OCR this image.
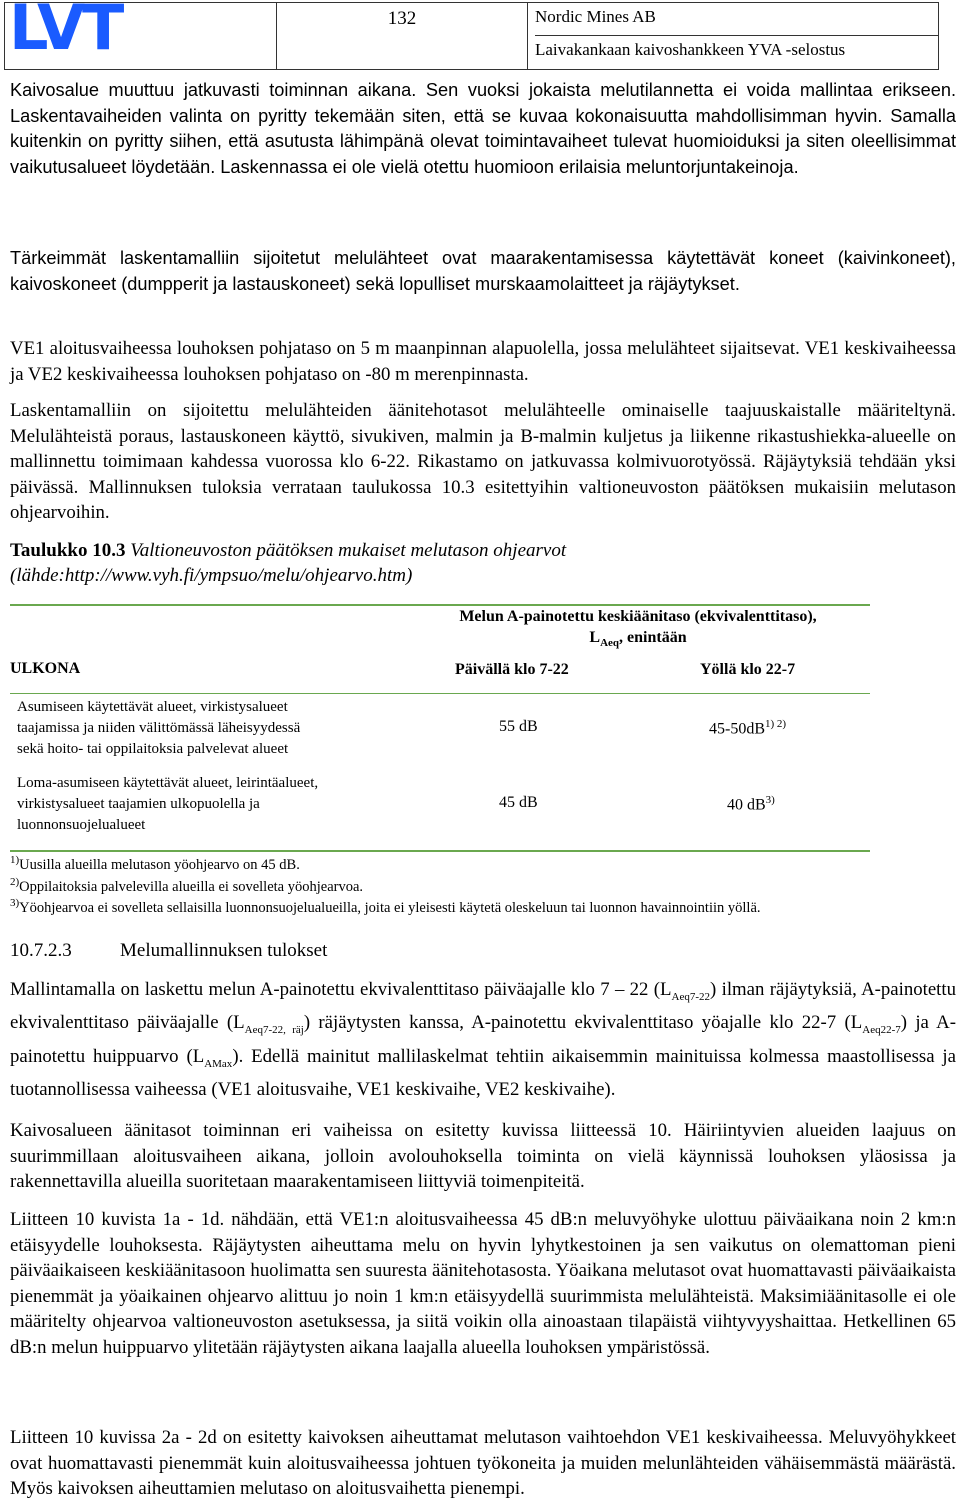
LVT	132	Nordic Mines AB
Laivakankaan kaivoshankkeen YVA -selostus

Kaivosalue muuttuu jatkuvasti toiminnan aikana. Sen vuoksi jokaista melutilannetta ei voida mallintaa erikseen. Laskentavaiheiden valinta on pyritty tekemään siten, että se kuvaa kokonaisuutta mahdollisimman hyvin. Samalla kuitenkin on pyritty siihen, että asutusta lähimpänä olevat toimintavaiheet tulevat huomioiduksi ja siten oleellisimmat vaikutusalueet löydetään. Laskennassa ei ole vielä otettu huomioon erilaisia meluntorjuntakeinoja.

Tärkeimmät laskentamalliin sijoitetut melulähteet ovat maarakentamisessa käytettävät koneet (kaivinkoneet), kaivoskoneet (dumpperit ja lastauskoneet) sekä lopulliset murskaamolaitteet ja räjäytykset.

VE1 aloitusvaiheessa louhoksen pohjataso on 5 m maanpinnan alapuolella, jossa melulähteet sijaitsevat. VE1 keskivaiheessa ja VE2 keskivaiheessa louhoksen pohjataso on -80 m merenpinnasta.

Laskentamalliin on sijoitettu melulähteiden äänitehotasot melulähteelle ominaiselle taajuuskaistalle määriteltynä. Melulähteistä poraus, lastauskoneen käyttö, sivukiven, malmin ja B-malmin kuljetus ja liikenne rikastushiekka-alueelle on mallinnettu toimimaan kahdessa vuorossa klo 6-22. Rikastamo on jatkuvassa kolmivuorotyössä. Räjäytyksiä tehdään yksi päivässä. Mallinnuksen tuloksia verrataan taulukossa 10.3 esitettyihin valtioneuvoston päätöksen mukaisiin melutason ohjearvoihin.

Taulukko 10.3 Valtioneuvoston päätöksen mukaiset melutason ohjearvot
(lähde:http://www.vyh.fi/ympsuo/melu/ohjearvo.htm)
Melun A-painotettu keskiäänitaso (ekvivalenttitaso),
$L_{Aeq}$, enintään
ULKONA	Päivällä klo 7-22	Yöllä klo 22-7
Asumiseen käytettävät alueet, virkistysalueet
taajamissa ja niiden välittömässä läheisyydessä
sekä hoito- tai oppilaitoksia palvelevat alueet
55 dB	$45-50dB^{1) 2)}$
Loma-asumiseen käytettävät alueet, leirintäalueet,
virkistysalueet taajamien ulkopuolella ja
luonnonsuojelualueet
45 dB	40 $dB^{3)}$
$^{1)}$Uusilla alueilla melutason yöohjearvo on 45 dB.
$^{2)}$Oppilaitoksia palvelevilla alueilla ei sovelleta yöohjearvoa.
$^{3)}$Yöohjearvoa ei sovelleta sellaisilla luonnonsuojelualueilla, joita ei yleisesti käytetä oleskeluun tai luonnon havainnointiin yöllä.
10.7.2.3	Melumallinnuksen tulokset

Mallintamalla on laskettu melun A-painotettu ekvivalenttitaso päiväajalle klo 7 – 22 $(L_{Aeq7-22})$ ilman räjäytyksiä, A-painotettu ekvivalenttitaso päiväajalle $(L_{Aeq7-22, räj})$ räjäytysten kanssa, A-painotettu ekvivalenttitaso yöajalle klo 22-7 $(L_{Aeq22-7})$ ja A-painotettu huippuarvo $(L_{AMax})$. Edellä mainitut mallilaskelmat tehtiin aikaisemmin mainituissa kolmessa maastollisessa ja tuotannollisessa vaiheessa (VE1 aloitusvaihe, VE1 keskivaihe, VE2 keskivaihe).

Kaivosalueen äänitasot toiminnan eri vaiheissa on esitetty kuvissa liitteessä 10. Häiriintyvien alueiden laajuus on suurimmillaan aloitusvaiheen aikana, jolloin avolouhoksella toiminta on vielä käynnissä louhoksen yläosissa ja rakennettavilla alueilla suoritetaan maarakentamiseen liittyviä toimenpiteitä.

Liitteen 10 kuvista 1a - 1d. nähdään, että VE1:n aloitusvaiheessa 45 dB:n meluvyöhyke ulottuu päiväaikana noin 2 km:n etäisyydelle louhoksesta. Räjäytysten aiheuttama melu on hyvin lyhytkestoinen ja sen vaikutus on olemattoman pieni päiväaikaiseen keskiäänitasoon huolimatta sen suuresta äänitehotasosta. Yöaikana melutasot ovat huomattavasti päiväaikaista pienemmät ja yöaikainen ohjearvo alittuu jo noin 1 km:n etäisyydellä suurimmista melulähteistä. Maksimiäänitasolle ei ole määritelty ohjearvoa valtioneuvoston asetuksessa, ja siitä voikin olla ainoastaan tilapäistä viihtyvyyshaittaa. Hetkellinen 65 dB:n melun huippuarvo ylitetään räjäytysten aikana laajalla alueella louhoksen ympäristössä.

Liitteen 10 kuvissa 2a - 2d on esitetty kaivoksen aiheuttamat melutason vaihtoehdon VE1 keskivaiheessa. Meluvyöhykkeet ovat huomattavasti pienemmät kuin aloitusvaiheessa johtuen työkoneita ja muiden melunlähteiden vähäisemmästä määrästä. Myös kaivoksen aiheuttamien melutaso on aloitusvaihetta pienempi.
